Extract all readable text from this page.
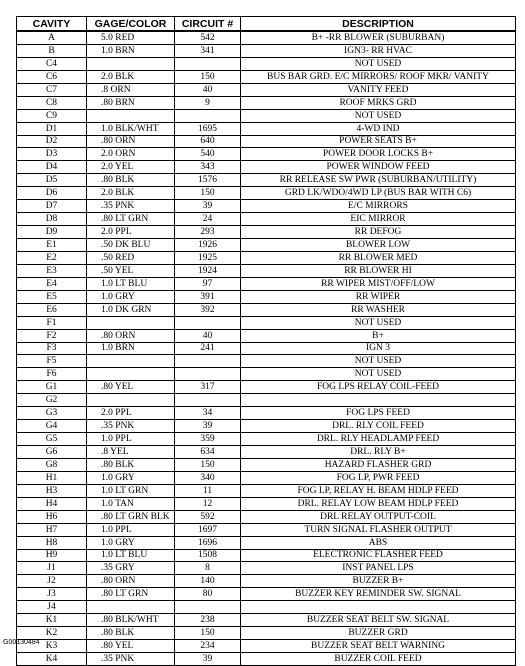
CAVITY	GAGE/COLOR	CIRCUIT #	DESCRIPTION
A	5.0 RED	542	B+ -RR BLOWER (SUBURBAN)
B	1.0 BRN	341	IGN3- RR HVAC
C4			NOT USED
C6	2.0 BLK	150	BUS BAR GRD. E/C MIRRORS/ ROOF MKR/ VANITY
C7	.8 ORN	40	VANITY FEED
C8	.80 BRN	9	ROOF MRKS GRD
C9			NOT USED
D1	1.0 BLK/WHT	1695	4-WD IND
D2	.80 ORN	640	POWER SEATS B+
D3	2.0 ORN	540	POWER DOOR LOCKS B+
D4	2.0 YEL	343	POWER WINDOW FEED
D5	.80 BLK	1576	RR RELEASE SW PWR (SUBURBAN/UTILITY)
D6	2.0 BLK	150	GRD LK/WDO/4WD LP (BUS BAR WITH C6)
D7	.35 PNK	39	E/C MIRRORS
D8	.80 LT GRN	24	EIC MIRROR
D9	2.0 PPL	293	RR DEFOG
E1	.50 DK BLU	1926	BLOWER LOW
E2	.50 RED	1925	RR BLOWER MED
E3	.50 YEL	1924	RR BLOWER HI
E4	1.0 LT BLU	97	RR WIPER MIST/OFF/LOW
E5	1.0 GRY	391	RR WIPER
E6	1.0 DK GRN	392	RR WASHER
F1			NOT USED
F2	.80 ORN	40	B+
F3	1.0 BRN	241	IGN 3
F5			NOT USED
F6			NOT USED
G1	.80 YEL	317	FOG LPS RELAY COIL-FEED
G2			
G3	2.0 PPL	34	FOG LPS FEED
G4	.35 PNK	39	DRL. RLY COIL FEED
G5	1.0 PPL	359	DRL. RLY HEADLAMP FEED
G6	.8 YEL	634	DRL. RLY B+
G8	.80 BLK	150	HAZARD FLASHER GRD
H1	1.0 GRY	340	FOG LP, PWR FEED
H3	1.0 LT GRN	11	FOG LP, RELAY H. BEAM HDLP FEED
H4	1.0 TAN	12	DRL. RELAY LOW BEAM HDLP FEED
H6	.80 LT GRN BLK	592	DRL RELAY OUTPUT-COIL
H7	1.0 PPL	1697	TURN SIGNAL FLASHER OUTPUT
H8	1.0 GRY	1696	ABS
H9	1.0 LT BLU	1508	ELECTRONIC FLASHER FEED
J1	.35 GRY	8	INST PANEL LPS
J2	.80 ORN	140	BUZZER B+
J3	.80 LT GRN	80	BUZZER KEY REMINDER SW. SIGNAL
J4			
K1	.80 BLK/WHT	238	BUZZER SEAT BELT SW. SIGNAL
K2	.80 BLK	150	BUZZER GRD
K3	.80 YEL	234	BUZZER SEAT BELT WARNING
K4	.35 PNK	39	BUZZER COIL FEED
G00130484
